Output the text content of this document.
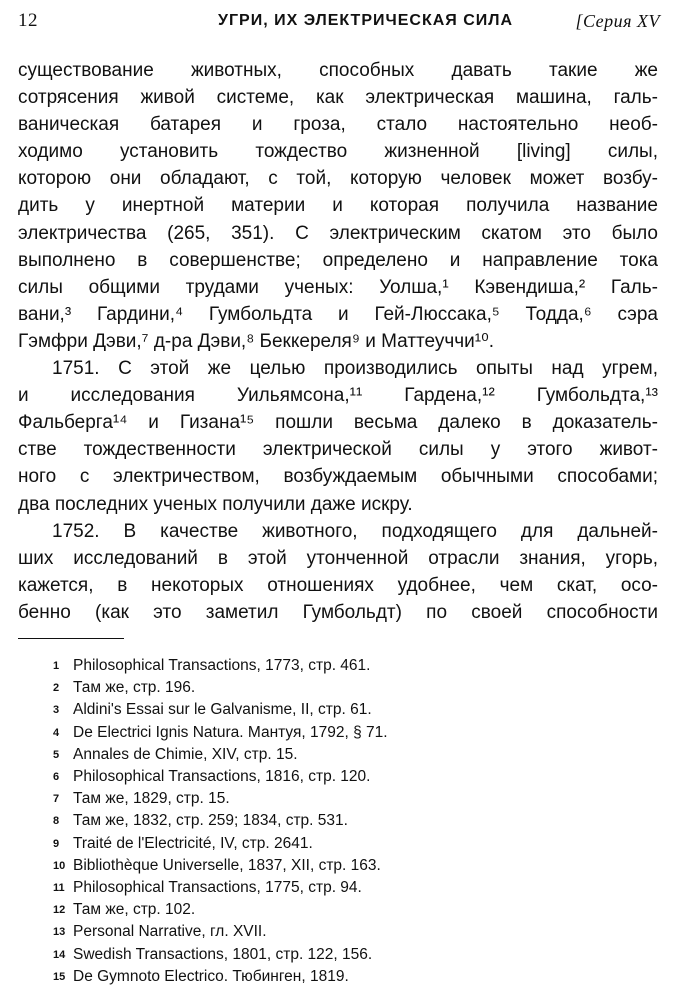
12	УГРИ, ИХ ЭЛЕКТРИЧЕСКАЯ СИЛА	[Серия XV
существование животных, способных давать такие же
сотрясения живой системе, как электрическая машина, галь-
ваническая батарея и гроза, стало настоятельно необ-
ходимо установить тождество жизненной [living] силы,
которою они обладают, с той, которую человек может возбу-
дить у инертной материи и которая получила название
электричества (265, 351). С электрическим скатом это было
выполнено в совершенстве; определено и направление тока
силы общими трудами ученых: Уолша,¹ Кэвендиша,² Галь-
вани,³ Гардини,⁴ Гумбольдта и Гей-Люссака,⁵ Тодда,⁶ сэра
Гэмфри Дэви,⁷ д-ра Дэви,⁸ Беккереля⁹ и Маттеуччи¹⁰.
1751. С этой же целью производились опыты над угрем,
и исследования Уильямсона,¹¹ Гардена,¹² Гумбольдта,¹³
Фальберга¹⁴ и Гизана¹⁵ пошли весьма далеко в доказатель-
стве тождественности электрической силы у этого живот-
ного с электричеством, возбуждаемым обычными способами;
два последних ученых получили даже искру.
1752. В качестве животного, подходящего для дальней-
ших исследований в этой утонченной отрасли знания, угорь,
кажется, в некоторых отношениях удобнее, чем скат, осо-
бенно (как это заметил Гумбольдт) по своей способности
1 Philosophical Transactions, 1773, стр. 461.
2 Там же, стр. 196.
3 Aldini's Essai sur le Galvanisme, II, стр. 61.
4 De Electrici Ignis Natura. Мантуя, 1792, § 71.
5 Annales de Chimie, XIV, стр. 15.
6 Philosophical Transactions, 1816, стр. 120.
7 Там же, 1829, стр. 15.
8 Там же, 1832, стр. 259; 1834, стр. 531.
9 Traité de l'Electricité, IV, стр. 2641.
10 Bibliothèque Universelle, 1837, XII, стр. 163.
11 Philosophical Transactions, 1775, стр. 94.
12 Там же, стр. 102.
13 Personal Narrative, гл. XVII.
14 Swedish Transactions, 1801, стр. 122, 156.
15 De Gymnoto Electrico. Тюбинген, 1819.
